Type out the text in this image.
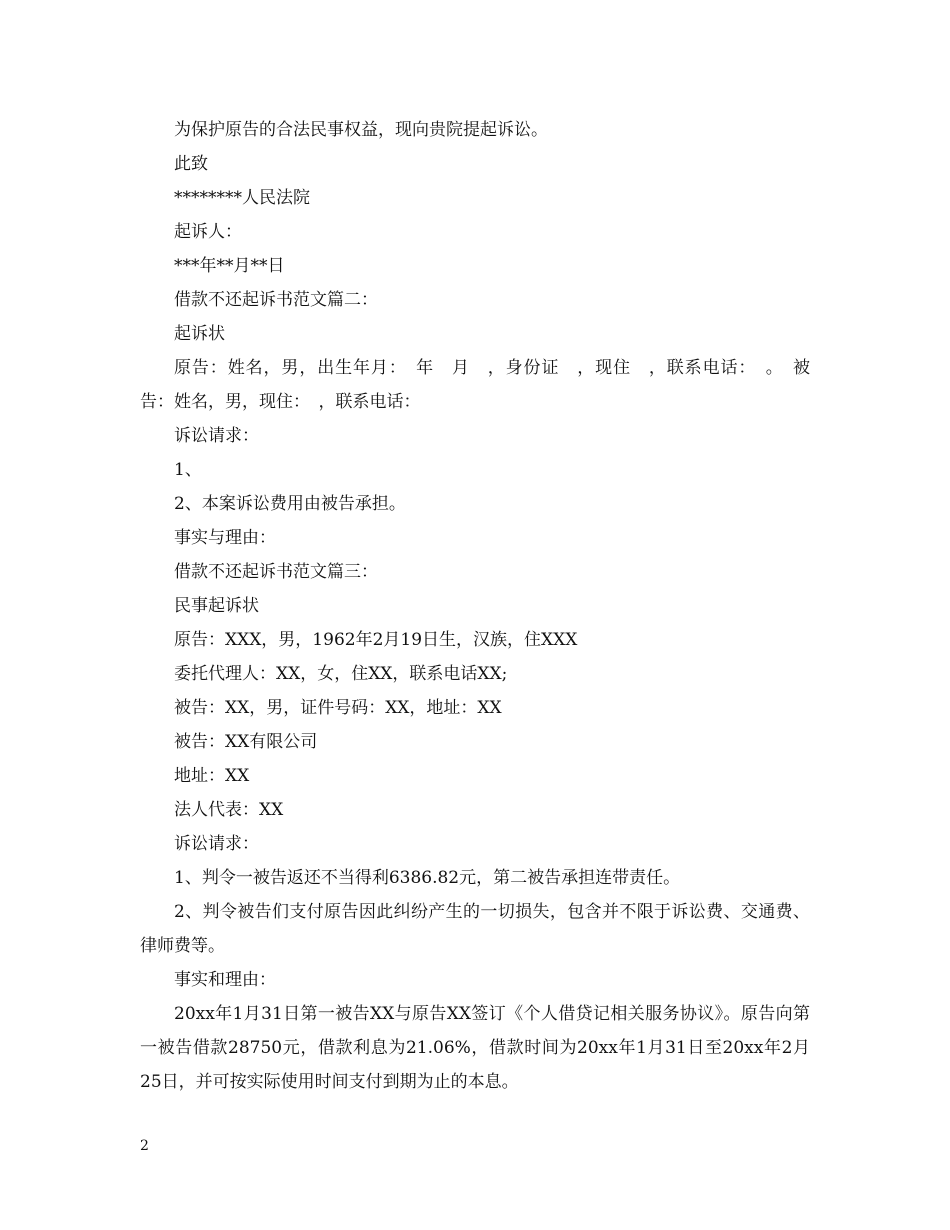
为保护原告的合法民事权益，现向贵院提起诉讼。

此致

********人民法院

起诉人：

***年**月**日

借款不还起诉书范文篇二：

起诉状

原告：姓名，男，出生年月：　年　月　，身份证　，现住　，联系电话：　。　被告：姓名，男，现住：　，联系电话：

诉讼请求：

1、

2、本案诉讼费用由被告承担。

事实与理由：

借款不还起诉书范文篇三：

民事起诉状

原告：XXX，男，1962年2月19日生，汉族，住XXX

委托代理人：XX，女，住XX，联系电话XX;

被告：XX，男，证件号码：XX，地址：XX

被告：XX有限公司

地址：XX

法人代表：XX

诉讼请求：

1、判令一被告返还不当得利6386.82元，第二被告承担连带责任。

2、判令被告们支付原告因此纠纷产生的一切损失，包含并不限于诉讼费、交通费、律师费等。

事实和理由：

20xx年1月31日第一被告XX与原告XX签订《个人借贷记相关服务协议》。原告向第一被告借款28750元，借款利息为21.06%，借款时间为20xx年1月31日至20xx年2月25日，并可按实际使用时间支付到期为止的本息。

2
